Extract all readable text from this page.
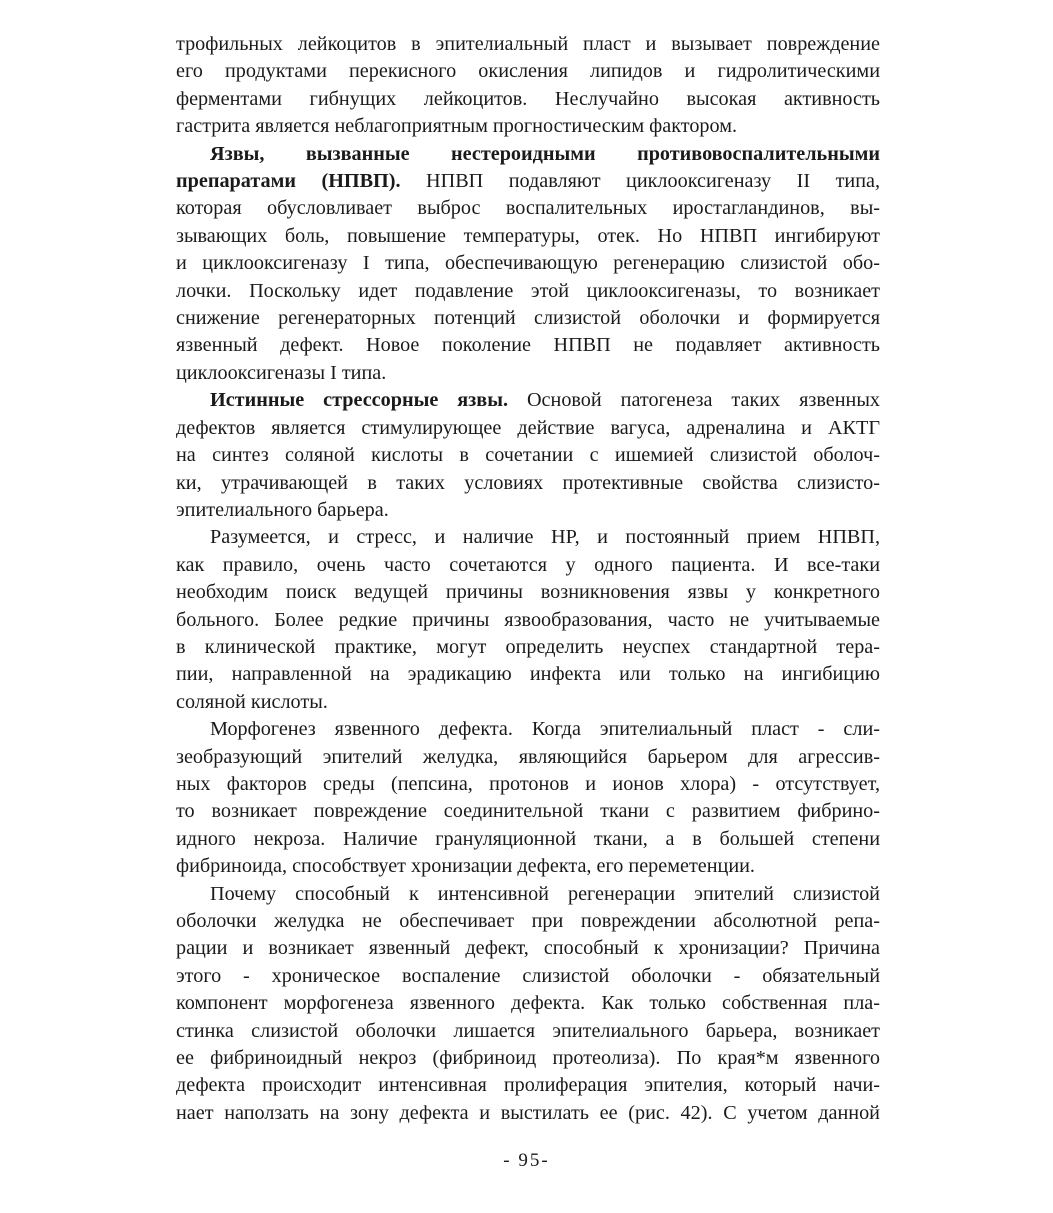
трофильных лейкоцитов в эпителиальный пласт и вызывает повреждение
его продуктами перекисного окисления липидов и гидролитическими
ферментами гибнущих лейкоцитов. Неслучайно высокая активность
гастрита является неблагоприятным прогностическим фактором.

Язвы, вызванные нестероидными противовоспалительными
препаратами (НПВП). НПВП подавляют циклооксигеназу II типа,
которая обусловливает выброс воспалительных иростагландинов, вы-
зывающих боль, повышение температуры, отек. Но НПВП ингибируют
и циклооксигеназу I типа, обеспечивающую регенерацию слизистой обо-
лочки. Поскольку идет подавление этой циклооксигеназы, то возникает
снижение регенераторных потенций слизистой оболочки и формируется
язвенный дефект. Новое поколение НПВП не подавляет активность
циклооксигеназы I типа.

Истинные стрессорные язвы. Основой патогенеза таких язвенных
дефектов является стимулирующее действие вагуса, адреналина и АКТГ
на синтез соляной кислоты в сочетании с ишемией слизистой оболоч-
ки, утрачивающей в таких условиях протективные свойства слизисто-
эпителиального барьера.

Разумеется, и стресс, и наличие HP, и постоянный прием НПВП,
как правило, очень часто сочетаются у одного пациента. И все-таки
необходим поиск ведущей причины возникновения язвы у конкретного
больного. Более редкие причины язвообразования, часто не учитываемые
в клинической практике, могут определить неуспех стандартной тера-
пии, направленной на эрадикацию инфекта или только на ингибицию
соляной кислоты.

Морфогенез язвенного дефекта. Когда эпителиальный пласт - сли-
зеобразующий эпителий желудка, являющийся барьером для агрессив-
ных факторов среды (пепсина, протонов и ионов хлора) - отсутствует,
то возникает повреждение соединительной ткани с развитием фибрино-
идного некроза. Наличие грануляционной ткани, а в большей степени
фибриноида, способствует хронизации дефекта, его переметенции.

Почему способный к интенсивной регенерации эпителий слизистой
оболочки желудка не обеспечивает при повреждении абсолютной репа-
рации и возникает язвенный дефект, способный к хронизации? Причина
этого - хроническое воспаление слизистой оболочки - обязательный
компонент морфогенеза язвенного дефекта. Как только собственная пла-
стинка слизистой оболочки лишается эпителиального барьера, возникает
ее фибриноидный некроз (фибриноид протеолиза). По края*м язвенного
дефекта происходит интенсивная пролиферация эпителия, который начи-
нает наползать на зону дефекта и выстилать ее (рис. 42). С учетом данной

- 95-
